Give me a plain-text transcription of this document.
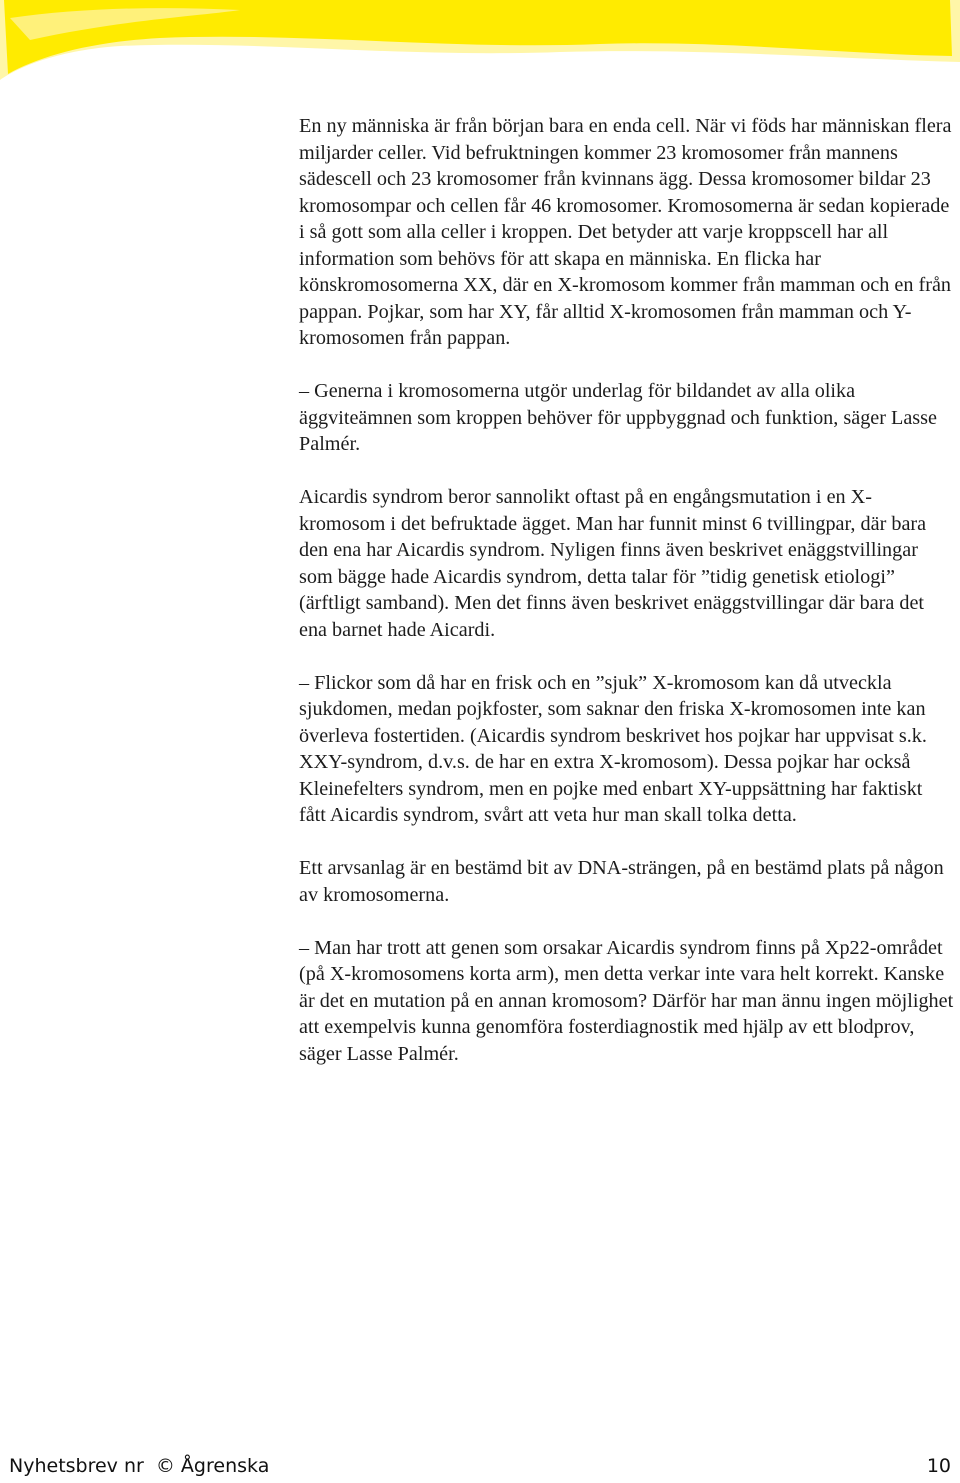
En ny människa är från början bara en enda cell. När vi föds har människan flera miljarder celler. Vid befruktningen kommer 23 kromosomer från mannens sädescell och 23 kromosomer från kvinnans ägg. Dessa kromosomer bildar 23 kromosompar och cellen får 46 kromosomer. Kromosomerna är sedan kopierade i så gott som alla celler i kroppen. Det betyder att varje kroppscell har all information som behövs för att skapa en människa. En flicka har könskromosomerna XX, där en X-kromosom kommer från mamman och en från pappan. Pojkar, som har XY, får alltid X-kromosomen från mamman och Y-kromosomen från pappan.

– Generna i kromosomerna utgör underlag för bildandet av alla olika äggviteämnen som kroppen behöver för uppbyggnad och funktion, säger Lasse Palmér.

Aicardis syndrom beror sannolikt oftast på en engångsmutation i en X-kromosom i det befruktade ägget. Man har funnit minst 6 tvillingpar, där bara den ena har Aicardis syndrom. Nyligen finns även beskrivet enäggstvillingar som bägge hade Aicardis syndrom, detta talar för ”tidig genetisk etiologi” (ärftligt samband). Men det finns även beskrivet enäggstvillingar där bara det ena barnet hade Aicardi.

– Flickor som då har en frisk och en ”sjuk” X-kromosom kan då utveckla sjukdomen, medan pojkfoster, som saknar den friska X-kromosomen inte kan överleva fostertiden. (Aicardis syndrom beskrivet hos pojkar har uppvisat s.k. XXY-syndrom, d.v.s. de har en extra X-kromosom). Dessa pojkar har också Kleinefelters syndrom, men en pojke med enbart XY-uppsättning har faktiskt fått Aicardis syndrom, svårt att veta hur man skall tolka detta.

Ett arvsanlag är en bestämd bit av DNA-strängen, på en bestämd plats på någon av kromosomerna.

– Man har trott att genen som orsakar Aicardis syndrom finns på Xp22-området (på X-kromosomens korta arm), men detta verkar inte vara helt korrekt. Kanske är det en mutation på en annan kromosom? Därför har man ännu ingen möjlighet att exempelvis kunna genomföra fosterdiagnostik med hjälp av ett blodprov, säger Lasse Palmér.

Nyhetsbrev nr  © Ågrenska	10
